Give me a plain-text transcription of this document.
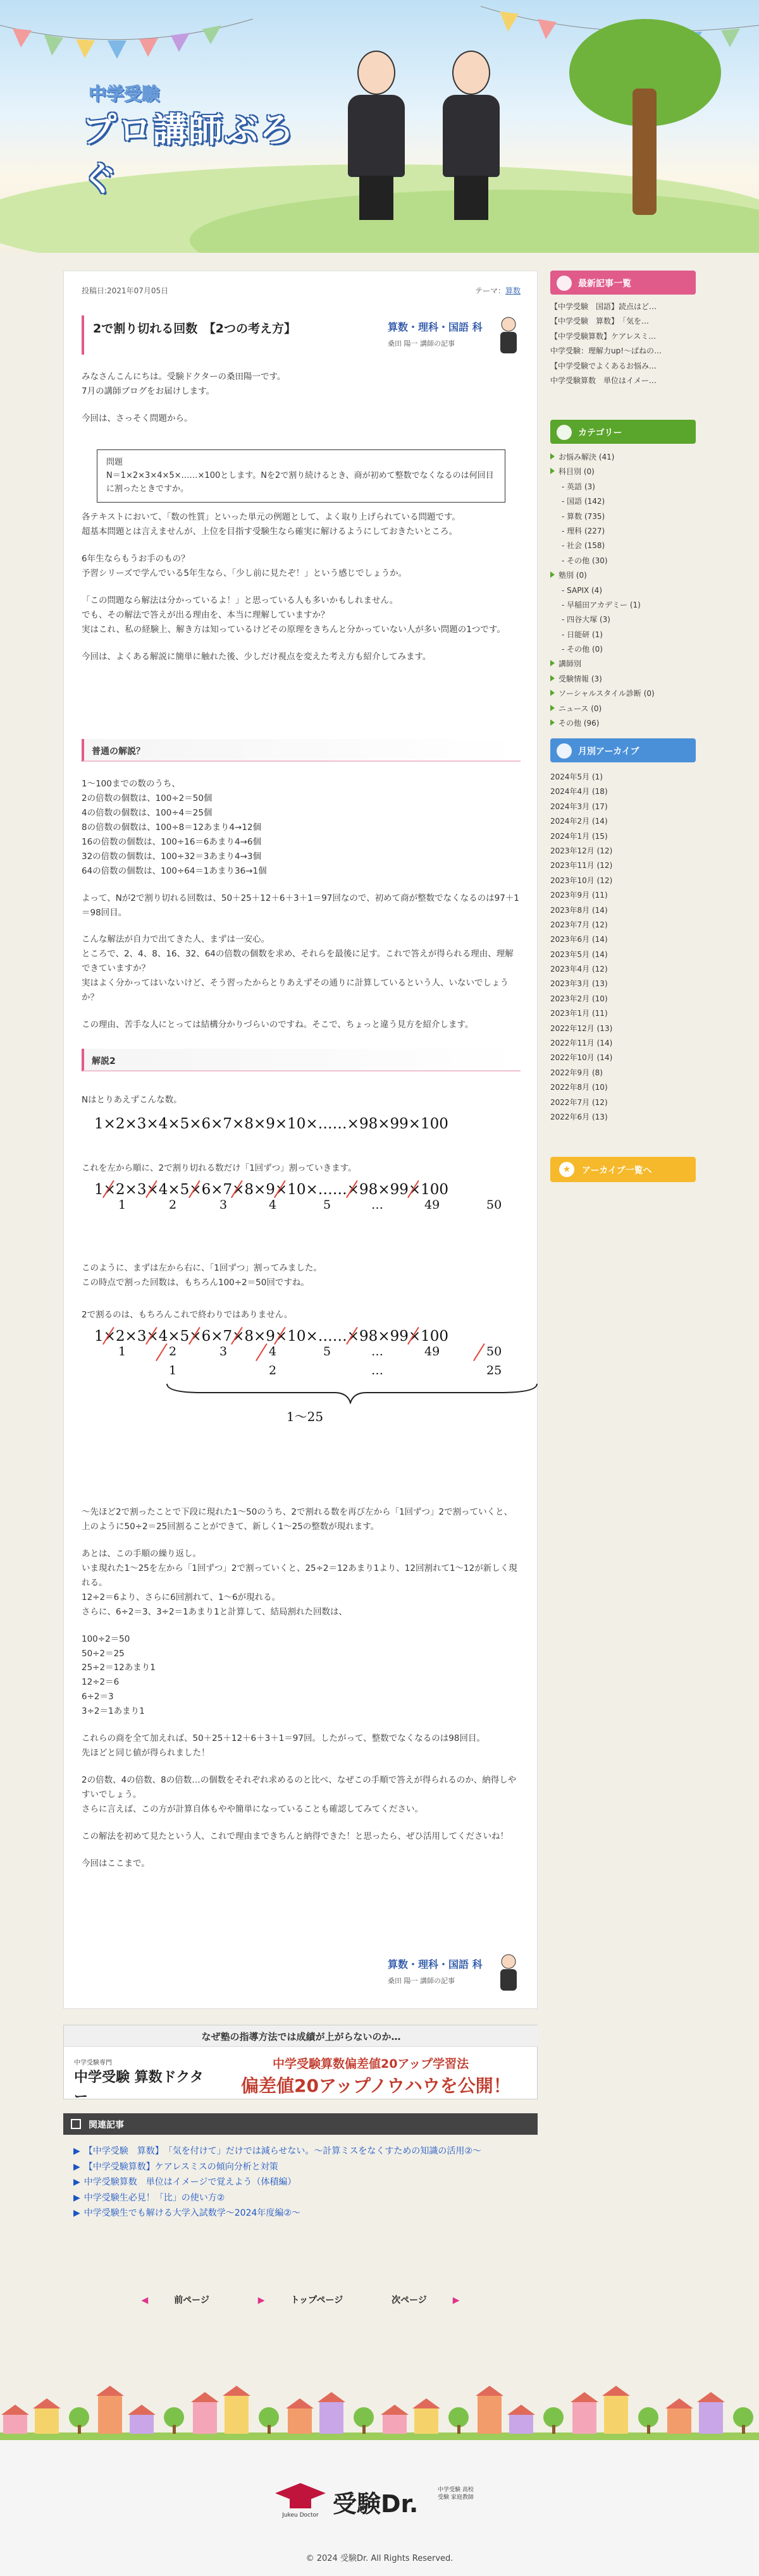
中学受験
プロ講師ぶろぐ
投稿日:2021年07月05日	テーマ：算数
2で割り切れる回数　【2つの考え方】	算数・理科・国語 科
桑田 陽一 講師の記事

みなさんこんにちは。受験ドクターの桑田陽一です。

7月の講師ブログをお届けします。

今回は、さっそく問題から。

問題
N＝1×2×3×4×5×……×100とします。Nを2で割り続けるとき、商が初めて整数でなくなるのは何回目に割ったときですか。

各テキストにおいて、「数の性質」といった単元の例題として、よく取り上げられている問題です。

超基本問題とは言えませんが、上位を目指す受験生なら確実に解けるようにしておきたいところ。

6年生ならもうお手のもの？

予習シリーズで学んでいる5年生なら、「少し前に見たぞ！」という感じでしょうか。

「この問題なら解法は分かっているよ！」と思っている人も多いかもしれません。

でも、その解法で答えが出る理由を、本当に理解していますか？

実はこれ、私の経験上、解き方は知っているけどその原理をきちんと分かっていない人が多い問題の1つです。

今回は、よくある解説に簡単に触れた後、少しだけ視点を変えた考え方も紹介してみます。

普通の解説？

1〜100までの数のうち、

2の倍数の個数は、100÷2＝50個

4の倍数の個数は、100÷4＝25個

8の倍数の個数は、100÷8＝12あまり4→12個

16の倍数の個数は、100÷16＝6あまり4→6個

32の倍数の個数は、100÷32＝3あまり4→3個

64の倍数の個数は、100÷64＝1あまり36→1個

よって、Nが2で割り切れる回数は、50＋25＋12＋6＋3＋1＝97回なので、初めて商が整数でなくなるのは97＋1＝98回目。

こんな解法が自力で出てきた人、まずは一安心。

ところで、2、4、8、16、32、64の倍数の個数を求め、それらを最後に足す。これで答えが得られる理由、理解できていますか？

実はよく分かってはいないけど、そう習ったからとりあえずその通りに計算しているという人、いないでしょうか？

この理由、苦手な人にとっては結構分かりづらいのですね。そこで、ちょっと違う見方を紹介します。

解説2
Nはとりあえずこんな数。
1×2×3×4×5×6×7×8×9×10×……×98×99×100
これを左から順に、2で割り切れる数だけ「1回ずつ」割っていきます。
1×2×3×4×5×6×7×8×9×10×……×98×99×100
1	2	3	4	5	…	49	50

このように、まずは左から右に、「1回ずつ」割ってみました。

この時点で割った回数は、もちろん100÷2＝50回ですね。

2で割るのは、もちろんこれで終わりではありません。
1×2×3×4×5×6×7×8×9×10×……×98×99×100
1	2	3	4	5	…	49	50
1	2	…	25
1〜25

〜先ほど2で割ったことで下段に現れた1〜50のうち、2で割れる数を再び左から「1回ずつ」2で割っていくと、上のように50÷2＝25回割ることができて、新しく1〜25の整数が現れます。

あとは、この手順の繰り返し。

いま現れた1〜25を左から「1回ずつ」2で割っていくと、25÷2＝12あまり1より、12回割れて1〜12が新しく現れる。

12÷2＝6より、さらに6回割れて、1〜6が現れる。

さらに、6÷2＝3、3÷2＝1あまり1と計算して、結局割れた回数は、

100÷2＝50

50÷2＝25

25÷2＝12あまり1

12÷2＝6

6÷2＝3

3÷2＝1あまり1

これらの商を全て加えれば、50＋25＋12＋6＋3＋1＝97回。したがって、整数でなくなるのは98回目。

先ほどと同じ値が得られました！

2の倍数、4の倍数、8の倍数…の個数をそれぞれ求めるのと比べ、なぜこの手順で答えが得られるのか、納得しやすいでしょう。

さらに言えば、この方が計算自体もやや簡単になっていることも確認してみてください。

この解法を初めて見たという人、これで理由まできちんと納得できた！と思ったら、ぜひ活用してくださいね！

今回はここまで。

算数・理科・国語 科
桑田 陽一 講師の記事
最新記事一覧
【中学受験　国語】読点はど…
【中学受験　算数】　「気を…
【中学受験算数】ケアレスミ…
中学受験：理解力up!〜ばねの…
【中学受験でよくあるお悩み…
中学受験算数　単位はイメー…
カテゴリー
お悩み解決 (41)
科目別 (0)
- 英語 (3)
- 国語 (142)
- 算数 (735)
- 理科 (227)
- 社会 (158)
- その他 (30)
塾別 (0)
- SAPIX (4)
- 早稲田アカデミー (1)
- 四谷大塚 (3)
- 日能研 (1)
- その他 (0)
講師別
受験情報 (3)
ソーシャルスタイル診断 (0)
ニュース (0)
その他 (96)
月別アーカイブ
2024年5月 (1)
2024年4月 (18)
2024年3月 (17)
2024年2月 (14)
2024年1月 (15)
2023年12月 (12)
2023年11月 (12)
2023年10月 (12)
2023年9月 (11)
2023年8月 (14)
2023年7月 (12)
2023年6月 (14)
2023年5月 (14)
2023年4月 (12)
2023年3月 (13)
2023年2月 (10)
2023年1月 (11)
2022年12月 (13)
2022年11月 (14)
2022年10月 (14)
2022年9月 (8)
2022年8月 (10)
2022年7月 (12)
2022年6月 (13)
★	アーカイブ一覧へ
なぜ塾の指導方法では成績が上がらないのか…
中学受験専門
中学受験 算数ドクター
中学受験算数偏差値20アップ学習法
偏差値20アップノウハウを公開！
関連記事
▶ 【中学受験　算数】　「気を付けて」だけでは減らせない。〜計算ミスをなくすための知識の活用②〜
▶ 【中学受験算数】ケアレスミスの傾向分析と対策
▶ 中学受験算数　単位はイメージで覚えよう（体積編）
▶ 中学受験生必見！「比」の使い方②
▶ 中学受験生でも解ける大学入試数学〜2024年度編②〜
◀	前ページ	▶	トップページ	次ページ	▶
Jukeu Doctor 受験Dr.	中学受験 高校受験 家庭教師
© 2024 受験Dr. All Rights Reserved.
